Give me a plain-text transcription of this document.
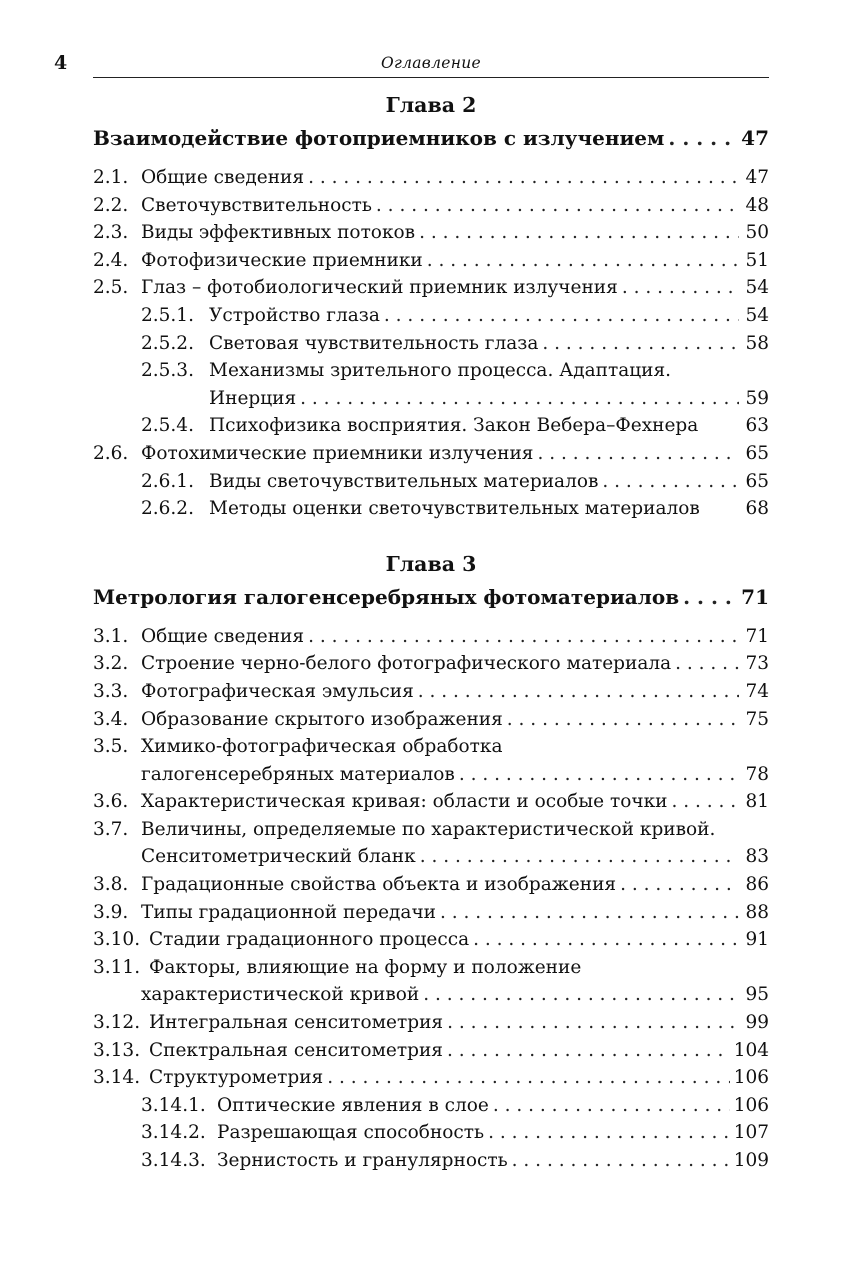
4	Оглавление
Глава 2
Взаимодействие фотоприемников с излучением . . .	47
2.1. Общие сведения . . .	47
2.2. Светочувствительность . . .	48
2.3. Виды эффективных потоков . . .	50
2.4. Фотофизические приемники . . .	51
2.5. Глаз – фотобиологический приемник излучения . . .	54
2.5.1. Устройство глаза . . .	54
2.5.2. Световая чувствительность глаза . . .	58
2.5.3. Механизмы зрительного процесса. Адаптация.
Инерция . . .	59
2.5.4. Психофизика восприятия. Закон Вебера–Фехнера	63
2.6. Фотохимические приемники излучения . . .	65
2.6.1. Виды светочувствительных материалов . . .	65
2.6.2. Методы оценки светочувствительных материалов 68
Глава 3
Метрология галогенсеребряных фотоматериалов . . .	71
3.1. Общие сведения . . .	71
3.2. Строение черно-белого фотографического материала . . .	73
3.3. Фотографическая эмульсия . . .	74
3.4. Образование скрытого изображения . . .	75
3.5. Химико-фотографическая обработка
галогенсеребряных материалов . . .	78
3.6. Характеристическая кривая: области и особые точки . . .	81
3.7. Величины, определяемые по характеристической кривой.
Сенситометрический бланк . . .	83
3.8. Градационные свойства объекта и изображения . . .	86
3.9. Типы градационной передачи . . .	88
3.10. Стадии градационного процесса . . .	91
3.11. Факторы, влияющие на форму и положение
характеристической кривой . . .	95
3.12. Интегральная сенситометрия . . .	99
3.13. Спектральная сенситометрия . . .	104
3.14. Структурометрия . . .	106
3.14.1. Оптические явления в слое . . .	106
3.14.2. Разрешающая способность . . .	107
3.14.3. Зернистость и гранулярность . . .	109
